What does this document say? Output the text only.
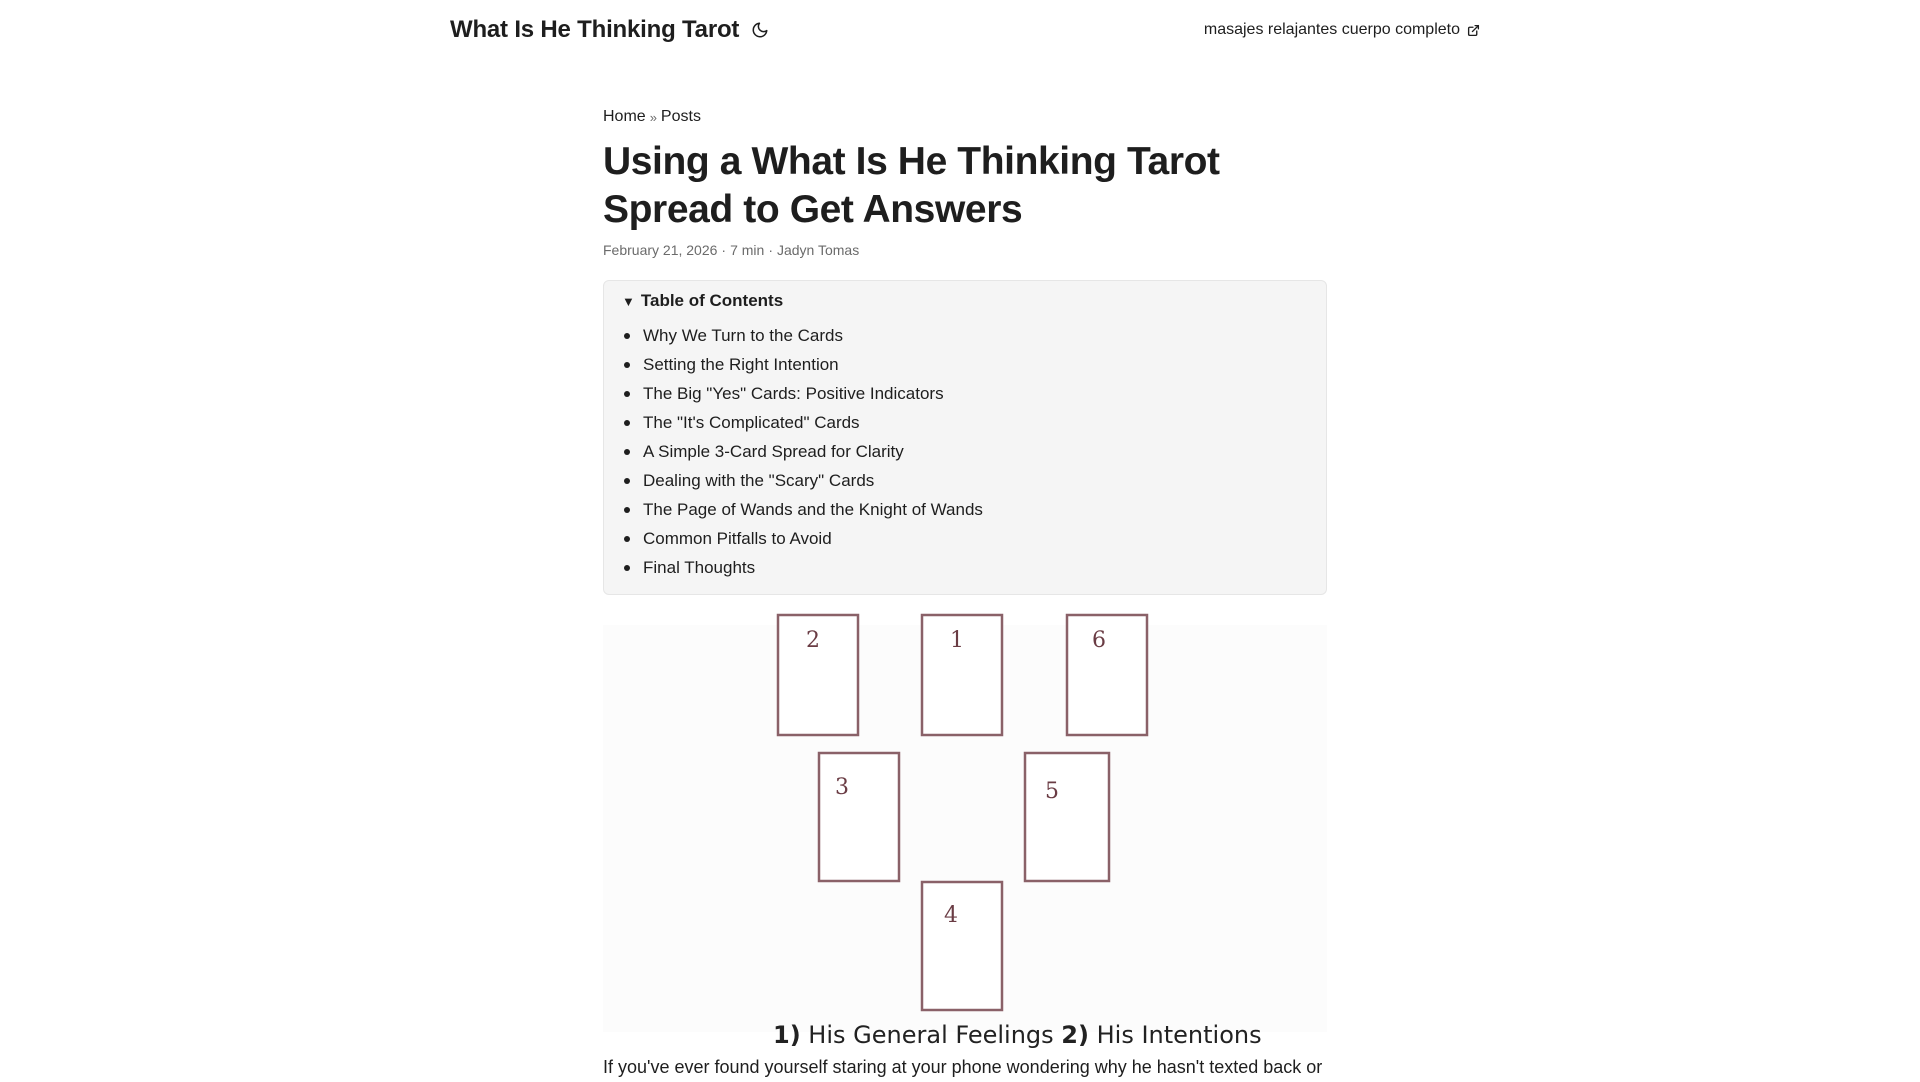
What Is He Thinking Tarot	masajes relajantes cuerpo completo
Home » Posts
Using a What Is He Thinking Tarot Spread to Get Answers
February 21, 2026 · 7 min · Jadyn Tomas
▼ Table of Contents
Why We Turn to the Cards
Setting the Right Intention
The Big "Yes" Cards: Positive Indicators
The "It's Complicated" Cards
A Simple 3-Card Spread for Clarity
Dealing with the "Scary" Cards
The Page of Wands and the Knight of Wands
Common Pitfalls to Avoid
Final Thoughts
2	1	6
3	5
4
1) His General Feelings 2) His Intentions

If you've ever found yourself staring at your phone wondering why he hasn't texted back or
